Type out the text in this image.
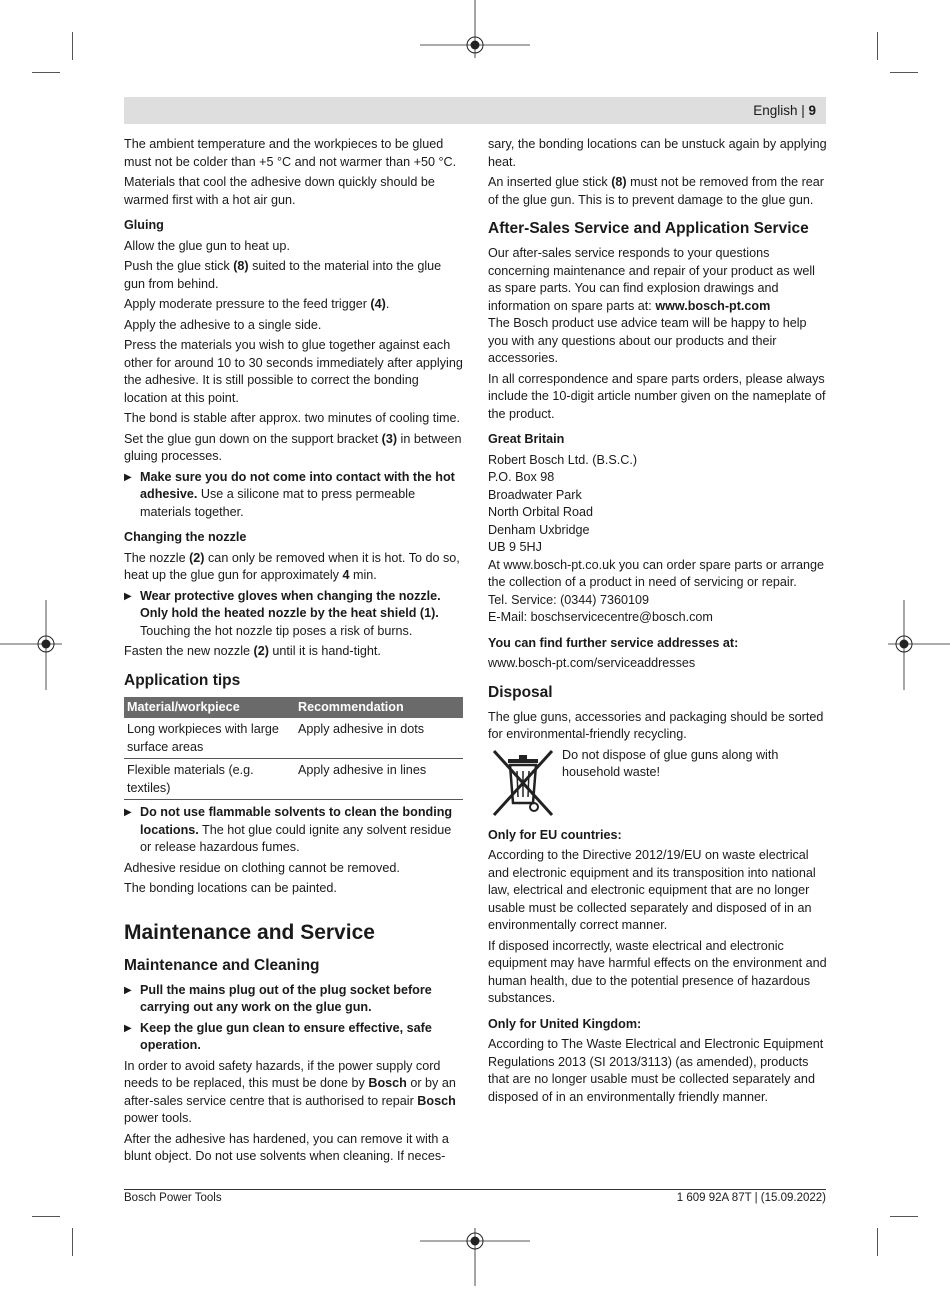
English | 9

The ambient temperature and the workpieces to be glued must not be colder than +5 °C and not warmer than +50 °C.

Materials that cool the adhesive down quickly should be warmed first with a hot air gun.

Gluing

Allow the glue gun to heat up.

Push the glue stick (8) suited to the material into the glue gun from behind.

Apply moderate pressure to the feed trigger (4).

Apply the adhesive to a single side.

Press the materials you wish to glue together against each other for around 10 to 30 seconds immediately after applying the adhesive. It is still possible to correct the bonding location at this point.

The bond is stable after approx. two minutes of cooling time.

Set the glue gun down on the support bracket (3) in between gluing processes.

▶ Make sure you do not come into contact with the hot adhesive. Use a silicone mat to press permeable materials together.

Changing the nozzle

The nozzle (2) can only be removed when it is hot. To do so, heat up the glue gun for approximately 4 min.

▶ Wear protective gloves when changing the nozzle. Only hold the heated nozzle by the heat shield (1).
Touching the hot nozzle tip poses a risk of burns.

Fasten the new nozzle (2) until it is hand-tight.

Application tips

Material/workpiece	Recommendation
Long workpieces with large surface areas	Apply adhesive in dots
Flexible materials (e.g. textiles)	Apply adhesive in lines
▶ Do not use flammable solvents to clean the bonding locations. The hot glue could ignite any solvent residue or release hazardous fumes.

Adhesive residue on clothing cannot be removed.

The bonding locations can be painted.

Maintenance and Service

Maintenance and Cleaning

▶ Pull the mains plug out of the plug socket before carrying out any work on the glue gun.
▶ Keep the glue gun clean to ensure effective, safe operation.

In order to avoid safety hazards, if the power supply cord needs to be replaced, this must be done by Bosch or by an after-sales service centre that is authorised to repair Bosch power tools.

After the adhesive has hardened, you can remove it with a blunt object. Do not use solvents when cleaning. If neces-

sary, the bonding locations can be unstuck again by applying heat.

An inserted glue stick (8) must not be removed from the rear of the glue gun. This is to prevent damage to the glue gun.

After-Sales Service and Application Service

Our after-sales service responds to your questions concerning maintenance and repair of your product as well as spare parts. You can find explosion drawings and information on spare parts at: www.bosch-pt.com

The Bosch product use advice team will be happy to help you with any questions about our products and their accessories.

In all correspondence and spare parts orders, please always include the 10-digit article number given on the nameplate of the product.

Great Britain

Robert Bosch Ltd. (B.S.C.)
P.O. Box 98
Broadwater Park
North Orbital Road
Denham Uxbridge
UB 9 5HJ
At www.bosch-pt.co.uk you can order spare parts or arrange the collection of a product in need of servicing or repair.
Tel. Service: (0344) 7360109

E-Mail: boschservicecentre@bosch.com

You can find further service addresses at:

www.bosch-pt.com/serviceaddresses

Disposal

The glue guns, accessories and packaging should be sorted for environmental-friendly recycling.

Do not dispose of glue guns along with household waste!

Only for EU countries:

According to the Directive 2012/19/EU on waste electrical and electronic equipment and its transposition into national law, electrical and electronic equipment that are no longer usable must be collected separately and disposed of in an environmentally correct manner.

If disposed incorrectly, waste electrical and electronic equipment may have harmful effects on the environment and human health, due to the potential presence of hazardous substances.

Only for United Kingdom:

According to The Waste Electrical and Electronic Equipment Regulations 2013 (SI 2013/3113) (as amended), products that are no longer usable must be collected separately and disposed of in an environmentally friendly manner.

Bosch Power Tools	1 609 92A 87T | (15.09.2022)
